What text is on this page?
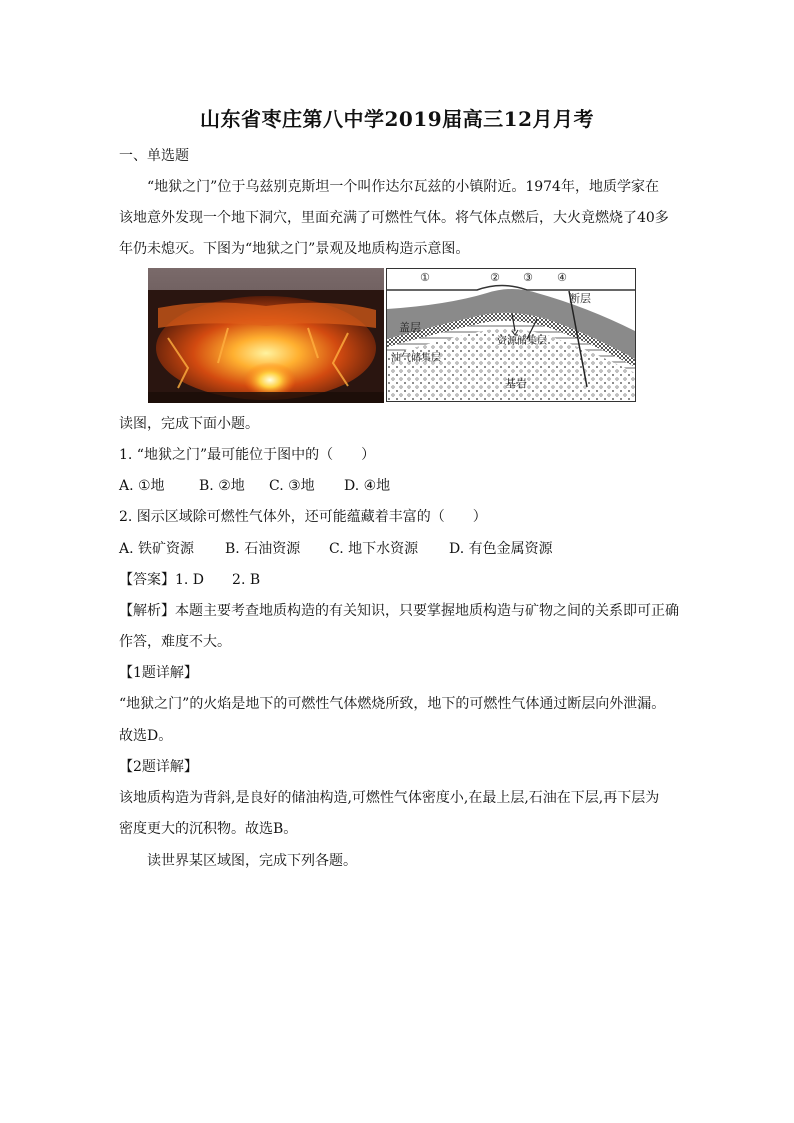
山东省枣庄第八中学2019届高三12月月考
一、单选题
“地狱之门”位于乌兹别克斯坦一个叫作达尔瓦兹的小镇附近。1974年，地质学家在
该地意外发现一个地下洞穴，里面充满了可燃性气体。将气体点燃后，大火竟燃烧了40多
年仍未熄灭。下图为“地狱之门”景观及地质构造示意图。
①	② ③ ④
断层
盖层
油气储集层
资源储集层
基岩
读图，完成下面小题。
1. “地狱之门”最可能位于图中的（　　）
A. ①地 B. ②地 C. ③地 D. ④地
2. 图示区域除可燃性气体外，还可能蕴藏着丰富的（　　）
A. 铁矿资源 B. 石油资源 C. 地下水资源 D. 有色金属资源
【答案】1. D　　2. B
【解析】本题主要考查地质构造的有关知识，只要掌握地质构造与矿物之间的关系即可正确
作答，难度不大。
【1题详解】
“地狱之门”的火焰是地下的可燃性气体燃烧所致，地下的可燃性气体通过断层向外泄漏。
故选D。
【2题详解】
该地质构造为背斜,是良好的储油构造,可燃性气体密度小,在最上层,石油在下层,再下层为
密度更大的沉积物。故选B。
读世界某区域图，完成下列各题。
